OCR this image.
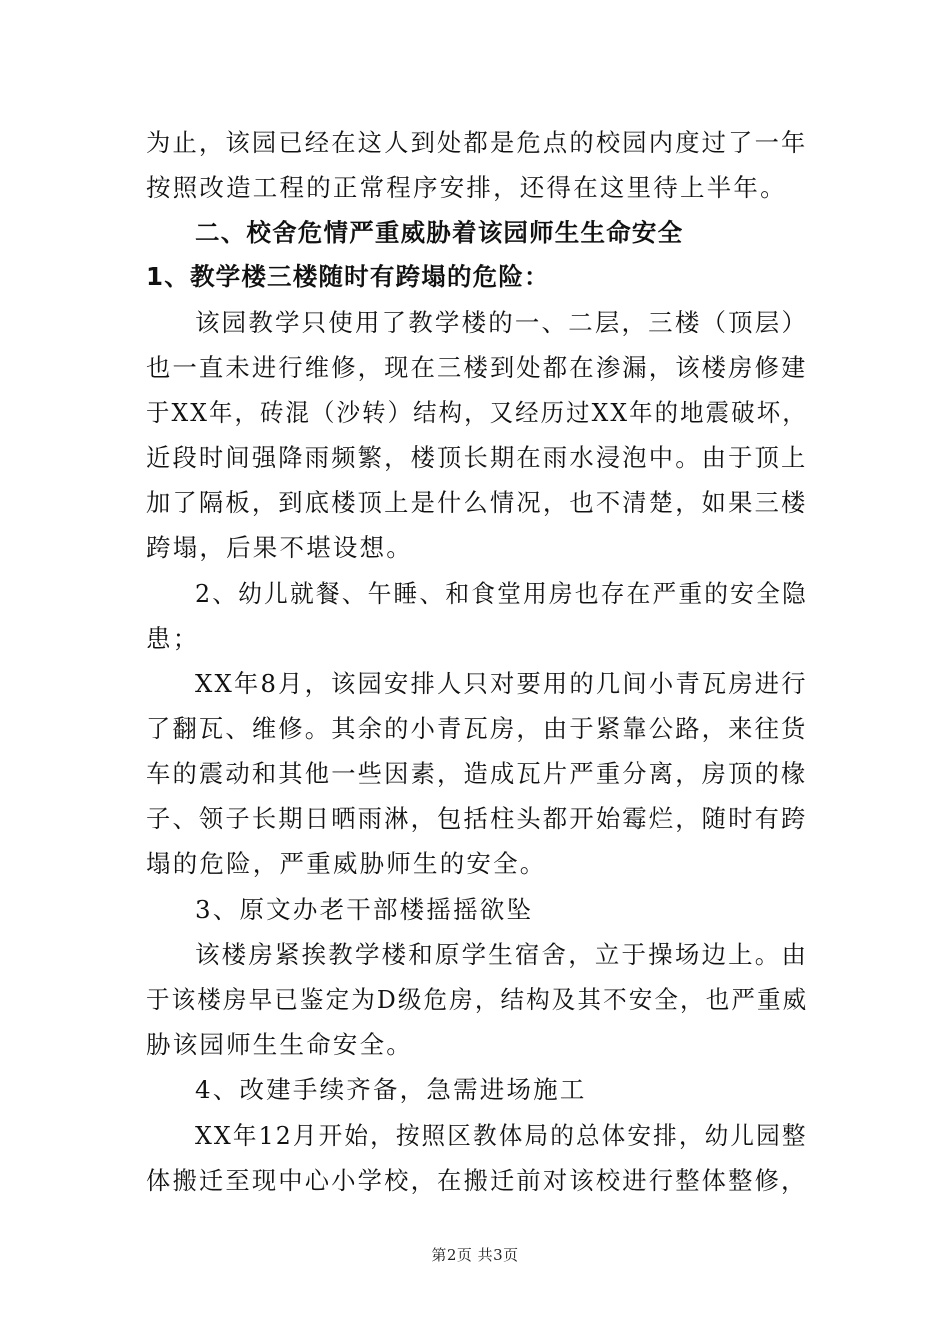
为止，该园已经在这人到处都是危点的校园内度过了一年
按照改造工程的正常程序安排，还得在这里待上半年。
二、校舍危情严重威胁着该园师生生命安全
1、教学楼三楼随时有跨塌的危险：
该园教学只使用了教学楼的一、二层，三楼（顶层）
也一直未进行维修，现在三楼到处都在渗漏，该楼房修建
于XX年，砖混（沙转）结构，又经历过XX年的地震破坏，
近段时间强降雨频繁，楼顶长期在雨水浸泡中。由于顶上
加了隔板，到底楼顶上是什么情况，也不清楚，如果三楼
跨塌，后果不堪设想。
2、幼儿就餐、午睡、和食堂用房也存在严重的安全隐
患；
XX年8月，该园安排人只对要用的几间小青瓦房进行
了翻瓦、维修。其余的小青瓦房，由于紧靠公路，来往货
车的震动和其他一些因素，造成瓦片严重分离，房顶的椽
子、领子长期日晒雨淋，包括柱头都开始霉烂，随时有跨
塌的危险，严重威胁师生的安全。
3、原文办老干部楼摇摇欲坠
该楼房紧挨教学楼和原学生宿舍，立于操场边上。由
于该楼房早已鉴定为D级危房，结构及其不安全，也严重威
胁该园师生生命安全。
4、改建手续齐备，急需进场施工
XX年12月开始，按照区教体局的总体安排，幼儿园整
体搬迁至现中心小学校，在搬迁前对该校进行整体整修，
第2页 共3页
